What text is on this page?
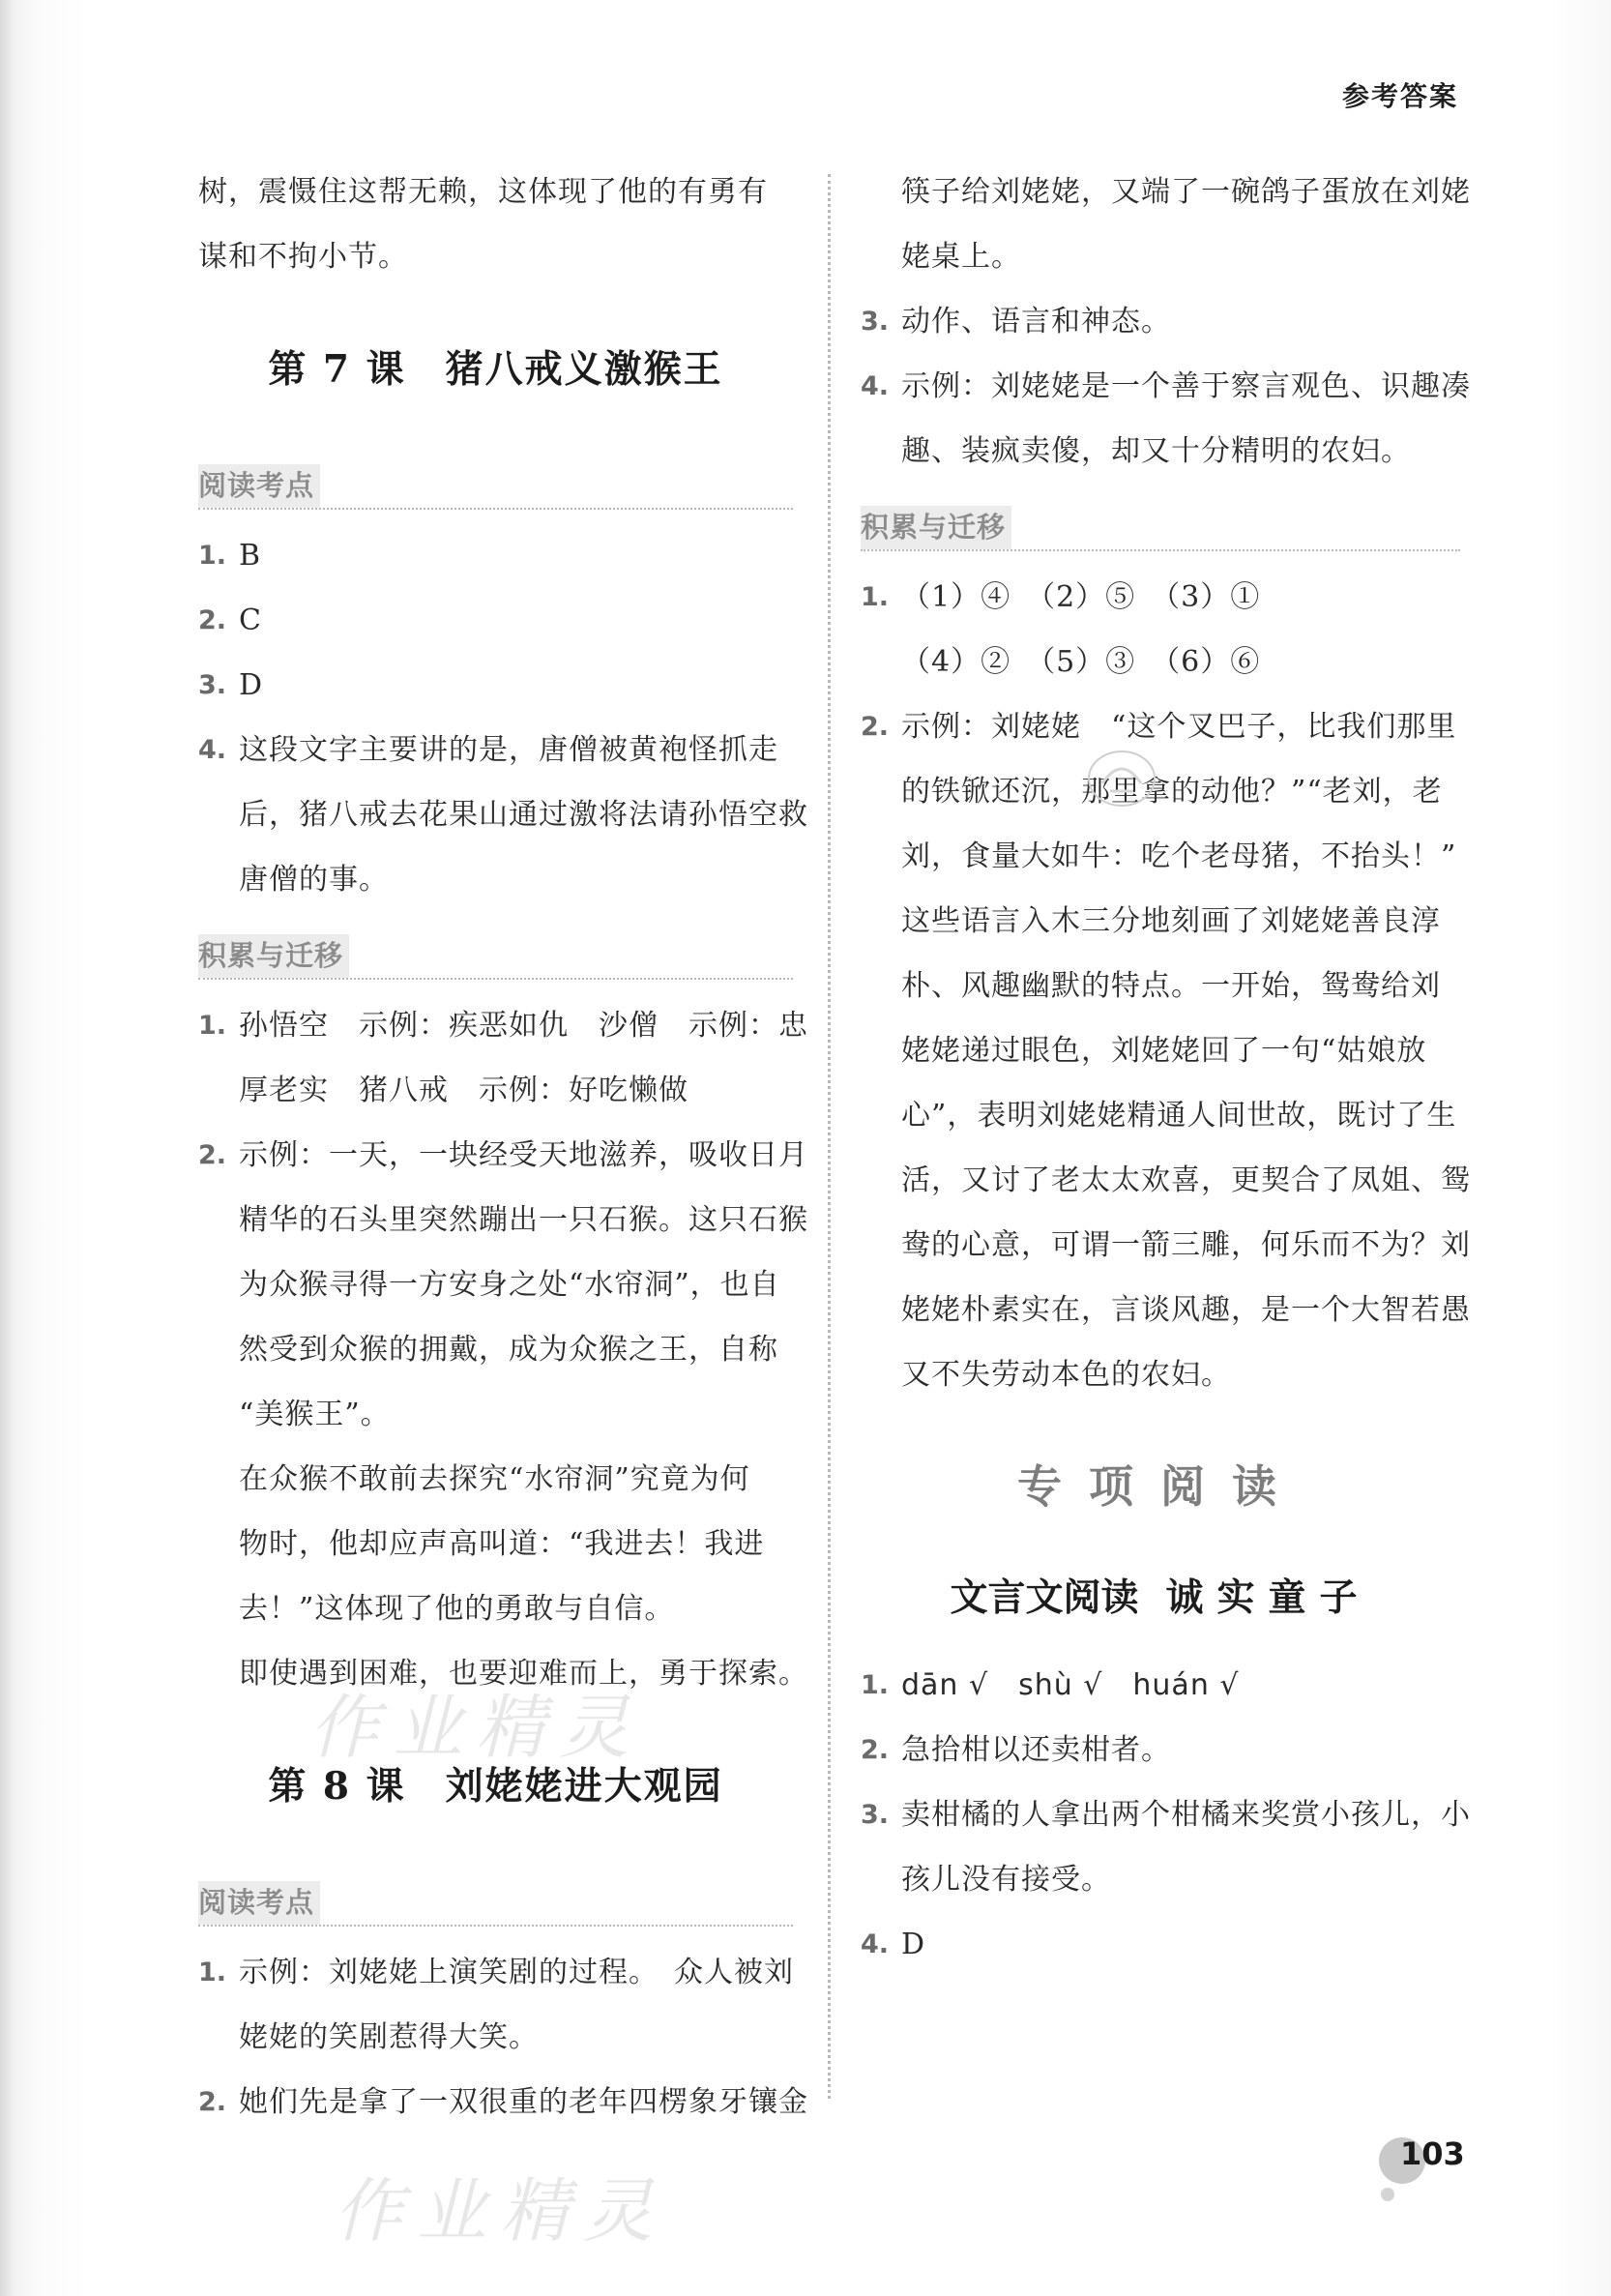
参考答案
树，震慑住这帮无赖，这体现了他的有勇有
谋和不拘小节。
第 7 课　猪八戒义激猴王
阅读考点
1. B
2. C
3. D
4. 这段文字主要讲的是，唐僧被黄袍怪抓走
后，猪八戒去花果山通过激将法请孙悟空救
唐僧的事。
积累与迁移
1. 孙悟空　示例：疾恶如仇　沙僧　示例：忠
厚老实　猪八戒　示例：好吃懒做
2. 示例：一天，一块经受天地滋养，吸收日月
精华的石头里突然蹦出一只石猴。这只石猴
为众猴寻得一方安身之处“水帘洞”，也自
然受到众猴的拥戴，成为众猴之王，自称
“美猴王”。
在众猴不敢前去探究“水帘洞”究竟为何
物时，他却应声高叫道：“我进去！我进
去！”这体现了他的勇敢与自信。
即使遇到困难，也要迎难而上，勇于探索。
第 8 课　刘姥姥进大观园
阅读考点
1. 示例：刘姥姥上演笑剧的过程。　众人被刘
姥姥的笑剧惹得大笑。
2. 她们先是拿了一双很重的老年四楞象牙镶金
筷子给刘姥姥，又端了一碗鸽子蛋放在刘姥
姥桌上。
3. 动作、语言和神态。
4. 示例：刘姥姥是一个善于察言观色、识趣凑
趣、装疯卖傻，却又十分精明的农妇。
积累与迁移
1. （1）④　（2）⑤　（3）①
（4）②　（5）③　（6）⑥
2. 示例：刘姥姥　“这个叉巴子，比我们那里
的铁锨还沉，那里拿的动他？”“老刘，老
刘，食量大如牛：吃个老母猪，不抬头！”
这些语言入木三分地刻画了刘姥姥善良淳
朴、风趣幽默的特点。一开始，鸳鸯给刘
姥姥递过眼色，刘姥姥回了一句“姑娘放
心”，表明刘姥姥精通人间世故，既讨了生
活，又讨了老太太欢喜，更契合了凤姐、鸳
鸯的心意，可谓一箭三雕，何乐而不为？刘
姥姥朴素实在，言谈风趣，是一个大智若愚
又不失劳动本色的农妇。
专项阅读
文言文阅读 诚实童子
1. dān √　shù √　huán √
2. 急拾柑以还卖柑者。
3. 卖柑橘的人拿出两个柑橘来奖赏小孩儿，小
孩儿没有接受。
4. D
作业精灵
作业精灵
103
